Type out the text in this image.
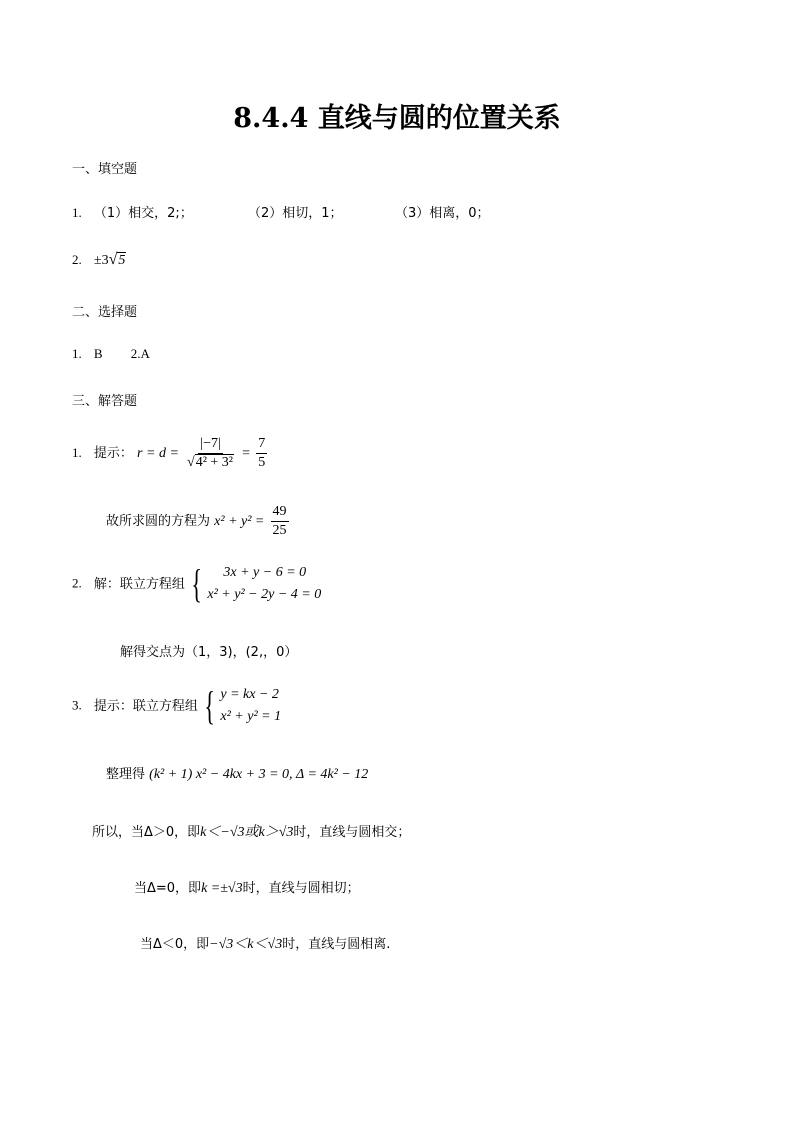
8.4.4 直线与圆的位置关系
一、填空题
1. （1）相交，2;；	（2）相切，1；	（3）相离，0；
2. ±3√5
二、选择题
1. B 2.A
三、解答题
1. 提示： $r = d = \frac{|-7|}{\text{√4² + 3²}} = \frac{7}{5}$
故所求圆的方程为 $x^2 + y^2 = \frac{49}{25}$
2. 解：联立方程组 {	3x + y − 6 = 0
x² + y² − 2y − 4 = 0
解得交点为（1，3)，(2,，0）
3. 提示：联立方程组 { y = kx − 2
x² + y² = 1
整理得 (k² + 1) x² − 4kx + 3 = 0, Δ = 4k² − 12
所以，当Δ＞0，即k＜−√3或k＞√3时，直线与圆相交；
当Δ=0，即k =±√3时，直线与圆相切；
当Δ＜0，即−√3＜k＜√3时，直线与圆相离.
